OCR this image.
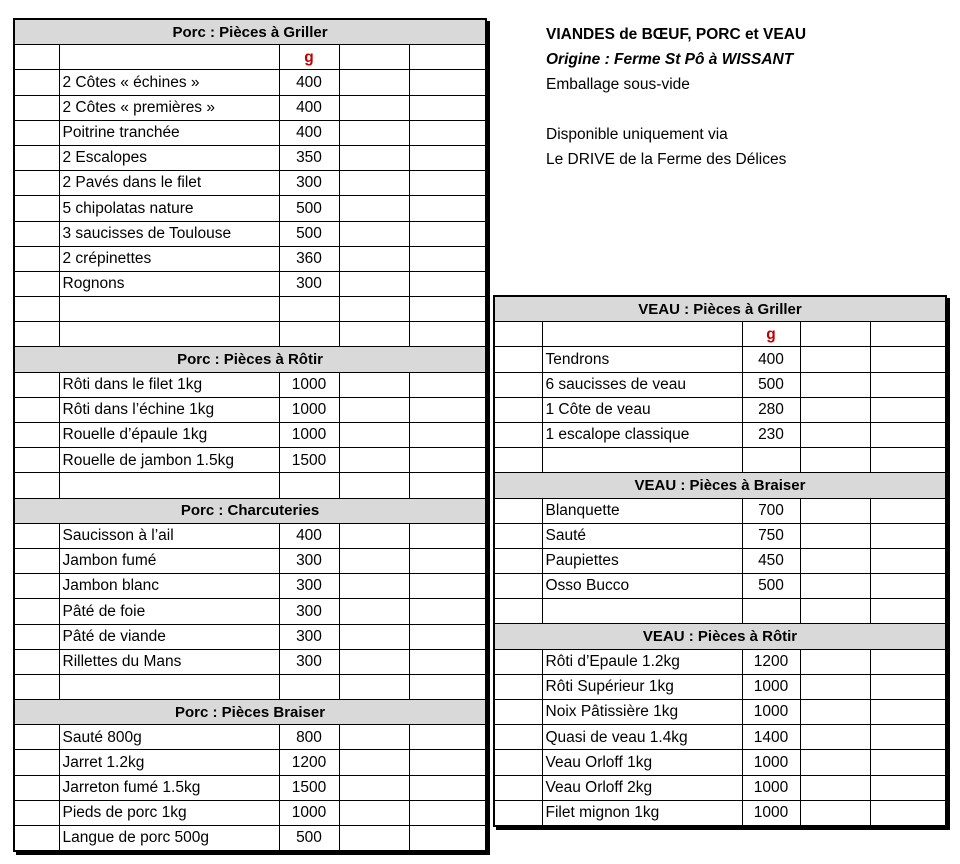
Porc : Pièces à Griller				
		g		
	2 Côtes « échines »	400		
	2 Côtes « premières »	400		
	Poitrine tranchée	400		
	2 Escalopes	350		
	2 Pavés dans le filet	300		
	5 chipolatas nature	500		
	3 saucisses de Toulouse	500		
	2 crépinettes	360		
	Rognons	300		

Porc : Pièces à Rôtir				
	Rôti dans le filet 1kg	1000		
	Rôti dans l’échine 1kg	1000		
	Rouelle d’épaule 1kg	1000		
	Rouelle de jambon 1.5kg	1500		

Porc : Charcuteries				
	Saucisson à l’ail	400		
	Jambon fumé	300		
	Jambon blanc	300		
	Pâté de foie	300		
	Pâté de viande	300		
	Rillettes du Mans	300		

Porc : Pièces Braiser				
	Sauté 800g	800		
	Jarret 1.2kg	1200		
	Jarreton fumé 1.5kg	1500		
	Pieds de porc 1kg	1000		
	Langue de porc 500g	500		
VIANDES de BŒUF, PORC et VEAU
Origine : Ferme St Pô à WISSANT
Emballage sous-vide
Disponible uniquement via
Le DRIVE de la Ferme des Délices
VEAU : Pièces à Griller				
		g		
	Tendrons	400		
	6 saucisses de veau	500		
	1 Côte de veau	280		
	1 escalope classique	230		

VEAU : Pièces à Braiser				
	Blanquette	700		
	Sauté	750		
	Paupiettes	450		
	Osso Bucco	500		

VEAU : Pièces à Rôtir				
	Rôti d’Epaule 1.2kg	1200		
	Rôti Supérieur 1kg	1000		
	Noix Pâtissière 1kg	1000		
	Quasi de veau 1.4kg	1400		
	Veau Orloff 1kg	1000		
	Veau Orloff 2kg	1000		
	Filet mignon 1kg	1000		
